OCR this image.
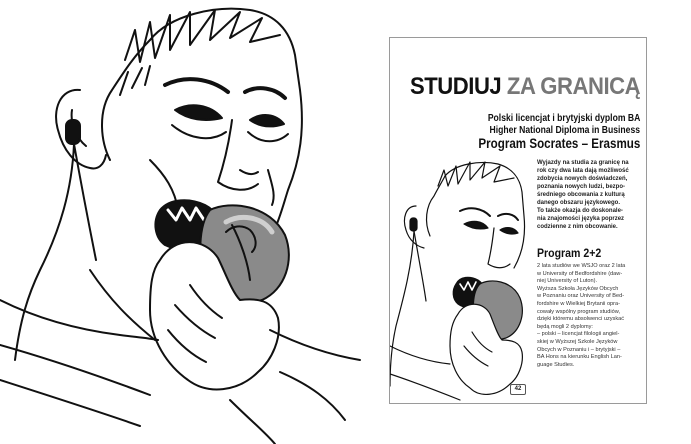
STUDIUJ ZA GRANICĄ
Polski licencjat i brytyjski dyplom BA
Higher National Diploma in Business
Program Socrates – Erasmus
Wyjazdy na studia za granicę na
rok czy dwa lata dają możliwość
zdobycia nowych doświadczeń,
poznania nowych ludzi, bezpo-
średniego obcowania z kulturą
danego obszaru językowego.
To także okazja do doskonale-
nia znajomości języka poprzez
codzienne z nim obcowanie.
Program 2+2
2 lata studiów we WSJO oraz 2 lata
w University of Bedfordshire (daw-
niej University of Luton).
Wyższa Szkoła Języków Obcych
w Poznaniu oraz University of Bed-
fordshire w Wielkiej Brytanii opra-
cowały wspólny program studiów,
dzięki któremu absolwenci uzyskać
będą mogli 2 dyplomy:
– polski – licencjat filologii angiel-
skiej w Wyższej Szkole Języków
Obcych w Poznaniu i – brytyjski –
BA Hons na kierunku English Lan-
guage Studies.
42
